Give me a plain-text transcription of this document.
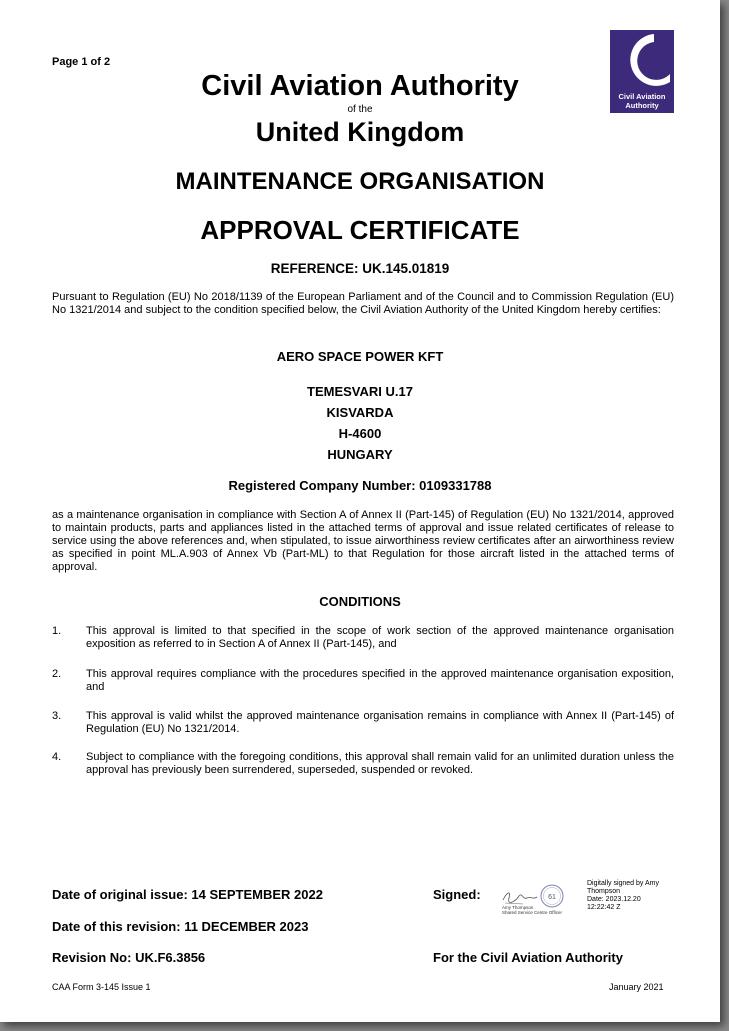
Page 1 of 2
Civil Aviation
Authority
Civil Aviation Authority
of the
United Kingdom
MAINTENANCE ORGANISATION
APPROVAL CERTIFICATE
REFERENCE: UK.145.01819
Pursuant to Regulation (EU) No 2018/1139 of the European Parliament and of the Council and to Commission Regulation (EU) No 1321/2014 and subject to the condition specified below, the Civil Aviation Authority of the United Kingdom hereby certifies:
AERO SPACE POWER KFT
TEMESVARI U.17
KISVARDA
H-4600
HUNGARY
Registered Company Number: 0109331788
as a maintenance organisation in compliance with Section A of Annex II (Part-145) of Regulation (EU) No 1321/2014, approved to maintain products, parts and appliances listed in the attached terms of approval and issue related certificates of release to service using the above references and, when stipulated, to issue airworthiness review certificates after an airworthiness review as specified in point ML.A.903 of Annex Vb (Part-ML) to that Regulation for those aircraft listed in the attached terms of approval.
CONDITIONS
1. This approval is limited to that specified in the scope of work section of the approved maintenance organisation exposition as referred to in Section A of Annex II (Part-145), and
2. This approval requires compliance with the procedures specified in the approved maintenance organisation exposition, and
3. This approval is valid whilst the approved maintenance organisation remains in compliance with Annex II (Part-145) of Regulation (EU) No 1321/2014.
4. Subject to compliance with the foregoing conditions, this approval shall remain valid for an unlimited duration unless the approval has previously been surrendered, superseded, suspended or revoked.
Date of original issue: 14 SEPTEMBER 2022
Date of this revision: 11 DECEMBER 2023
Revision No: UK.F6.3856
Signed:	61
Amy Thompson
Shared Service Centre Officer
Digitally signed by Amy
Thompson
Date: 2023.12.20
12:22:42 Z
For the Civil Aviation Authority
CAA Form 3-145 Issue 1	January 2021
